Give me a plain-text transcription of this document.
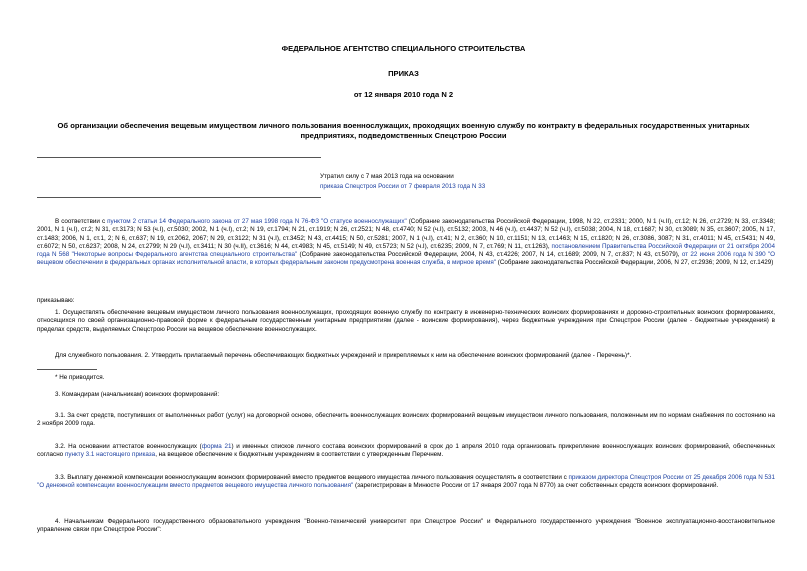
ФЕДЕРАЛЬНОЕ АГЕНТСТВО СПЕЦИАЛЬНОГО СТРОИТЕЛЬСТВА
ПРИКАЗ
от 12 января 2010 года N 2
Об организации обеспечения вещевым имуществом личного пользования военнослужащих, проходящих военную службу по контракту в федеральных государственных унитарных предприятиях, подведомственных Спецстрою России
Утратил силу с 7 мая 2013 года на основании
приказа Спецстроя России от 7 февраля 2013 года N 33
В соответствии с пунктом 2 статьи 14 Федерального закона от 27 мая 1998 года N 76-ФЗ "О статусе военнослужащих" (Собрание законодательства Российской Федерации, 1998, N 22, ст.2331; 2000, N 1 (ч.II), ст.12; N 26, ст.2729; N 33, ст.3348; 2001, N 1 (ч.I), ст.2; N 31, ст.3173; N 53 (ч.I), ст.5030; 2002, N 1 (ч.I), ст.2; N 19, ст.1794; N 21, ст.1919; N 26, ст.2521; N 48, ст.4740; N 52 (ч.I), ст.5132; 2003, N 46 (ч.I), ст.4437; N 52 (ч.I), ст.5038; 2004, N 18, ст.1687; N 30, ст.3089; N 35, ст.3607; 2005, N 17, ст.1483; 2006, N 1, ст.1, 2; N 6, ст.637; N 19, ст.2062, 2067; N 29, ст.3122; N 31 (ч.I), ст.3452; N 43, ст.4415; N 50, ст.5281; 2007, N 1 (ч.I), ст.41; N 2, ст.360; N 10, ст.1151; N 13, ст.1463; N 15, ст.1820; N 26, ст.3086, 3087; N 31, ст.4011; N 45, ст.5431; N 49, ст.6072; N 50, ст.6237; 2008, N 24, ст.2799; N 29 (ч.I), ст.3411; N 30 (ч.II), ст.3616; N 44, ст.4983; N 45, ст.5149; N 49, ст.5723; N 52 (ч.I), ст.6235; 2009, N 7, ст.769; N 11, ст.1263), постановлением Правительства Российской Федерации от 21 октября 2004 года N 568 "Некоторые вопросы Федерального агентства специального строительства" (Собрание законодательства Российской Федерации, 2004, N 43, ст.4226; 2007, N 14, ст.1689; 2009, N 7, ст.837; N 43, ст.5079), от 22 июня 2006 года N 390 "О вещевом обеспечении в федеральных органах исполнительной власти, в которых федеральным законом предусмотрена военная служба, в мирное время" (Собрание законодательства Российской Федерации, 2006, N 27, ст.2936; 2009, N 12, ст.1429)
приказываю:
1. Осуществлять обеспечение вещевым имуществом личного пользования военнослужащих, проходящих военную службу по контракту в инженерно-технических воинских формированиях и дорожно-строительных воинских формированиях, относящихся по своей организационно-правовой форме к федеральным государственным унитарным предприятиям (далее - воинские формирования), через бюджетные учреждения при Спецстрое России (далее - бюджетные учреждения) в пределах средств, выделяемых Спецстрою России на вещевое обеспечение военнослужащих.
Для служебного пользования. 2. Утвердить прилагаемый перечень обеспечивающих бюджетных учреждений и прикрепляемых к ним на обеспечение воинских формирований (далее - Перечень)*.
* Не приводится.
3. Командирам (начальникам) воинских формирований:
3.1. За счет средств, поступивших от выполненных работ (услуг) на договорной основе, обеспечить военнослужащих воинских формирований вещевым имуществом личного пользования, положенным им по нормам снабжения по состоянию на 2 ноября 2009 года.
3.2. На основании аттестатов военнослужащих (форма 21) и именных списков личного состава воинских формирований в срок до 1 апреля 2010 года организовать прикрепление военнослужащих воинских формирований, обеспеченных согласно пункту 3.1 настоящего приказа, на вещевое обеспечение к бюджетным учреждениям в соответствии с утвержденным Перечнем.
3.3. Выплату денежной компенсации военнослужащим воинских формирований вместо предметов вещевого имущества личного пользования осуществлять в соответствии с приказом директора Спецстроя России от 25 декабря 2006 года N 531 "О денежной компенсации военнослужащим вместо предметов вещевого имущества личного пользования" (зарегистрирован в Минюсте России от 17 января 2007 года N 8770) за счет собственных средств воинских формирований.
4. Начальникам Федерального государственного образовательного учреждения "Военно-технический университет при Спецстрое России" и Федерального государственного учреждения "Военное эксплуатационно-восстановительное управление связи при Спецстрое России":
